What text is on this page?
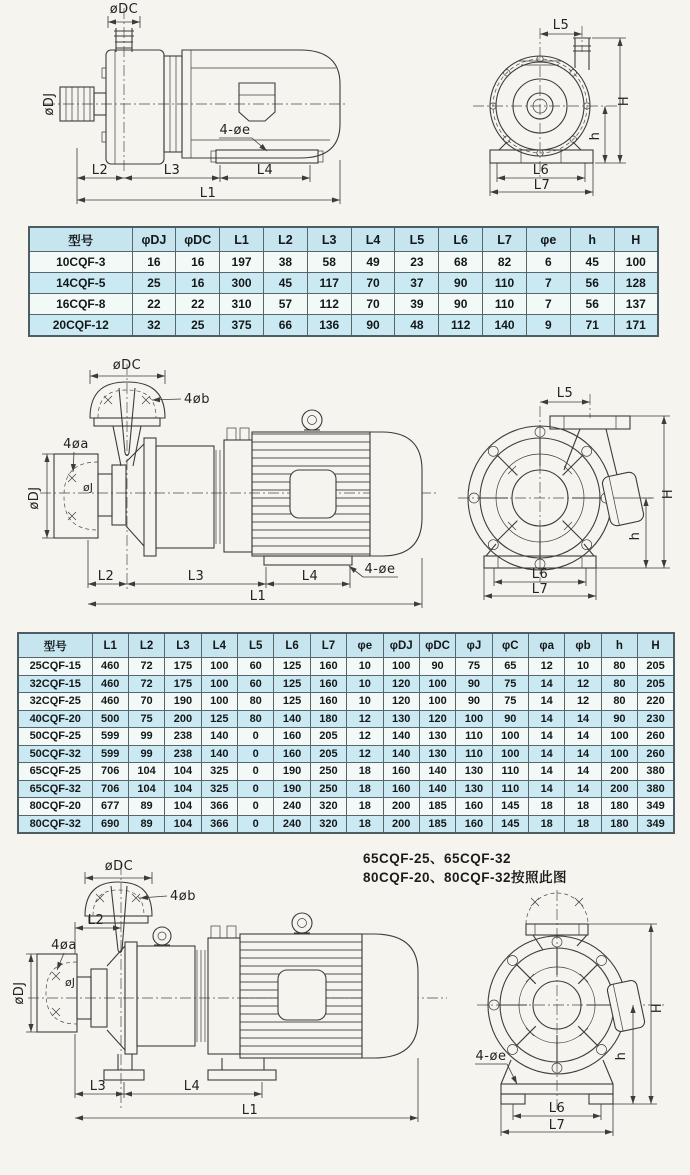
øDC
4-øe
øDJ
L2	L3	L4
L1
L5
H
h
L6
L7
型号	φDJ	φDC	L1	L2	L3	L4	L5	L6	L7	φe	h	H
10CQF-3	16	16	197	38	58	49	23	68	82	6	45	100
14CQF-5	25	16	300	45	117	70	37	90	110	7	56	128
16CQF-8	22	22	310	57	112	70	39	90	110	7	56	137
20CQF-12	32	25	375	66	136	90	48	112	140	9	71	171
øDC
4øb
øDJ
4øa
øJ
4-øe
L2	L3	L4
L1
L5
H
h
L6
L7
型号	L1	L2	L3	L4	L5	L6	L7	φe	φDJ	φDC	φJ	φC	φa	φb	h	H
25CQF-15	460	72	175	100	60	125	160	10	100	90	75	65	12	10	80	205
32CQF-15	460	72	175	100	60	125	160	10	120	100	90	75	14	12	80	205
32CQF-25	460	70	190	100	80	125	160	10	120	100	90	75	14	12	80	220
40CQF-20	500	75	200	125	80	140	180	12	130	120	100	90	14	14	90	230
50CQF-25	599	99	238	140	0	160	205	12	140	130	110	100	14	14	100	260
50CQF-32	599	99	238	140	0	160	205	12	140	130	110	100	14	14	100	260
65CQF-25	706	104	104	325	0	190	250	18	160	140	130	110	14	14	200	380
65CQF-32	706	104	104	325	0	190	250	18	160	140	130	110	14	14	200	380
80CQF-20	677	89	104	366	0	240	320	18	200	185	160	145	18	18	180	349
80CQF-32	690	89	104	366	0	240	320	18	200	185	160	145	18	18	180	349
65CQF-25、65CQF-32
80CQF-20、80CQF-32按照此图
øDC
4øb
L2
øDJ
4øa
øJ
L3	L4
L1
4-øe
H
h
L6
L7
